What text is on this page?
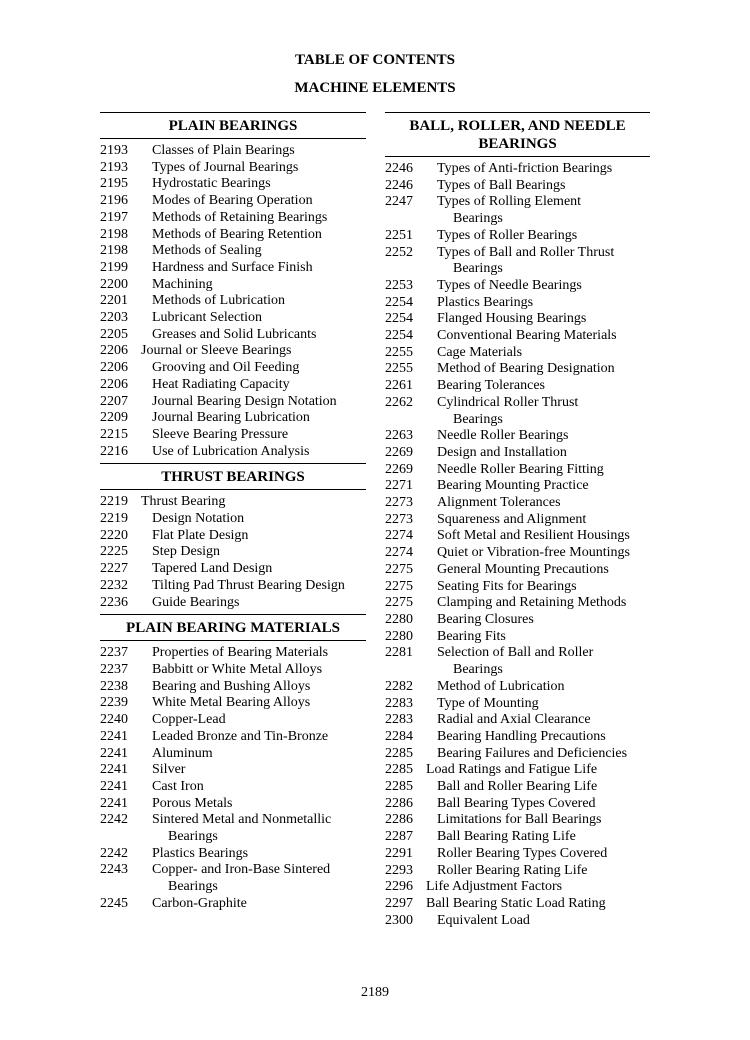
TABLE OF CONTENTS
MACHINE ELEMENTS
PLAIN BEARINGS
2193	Classes of Plain Bearings
2193	Types of Journal Bearings
2195	Hydrostatic Bearings
2196	Modes of Bearing Operation
2197	Methods of Retaining Bearings
2198	Methods of Bearing Retention
2198	Methods of Sealing
2199	Hardness and Surface Finish
2200	Machining
2201	Methods of Lubrication
2203	Lubricant Selection
2205	Greases and Solid Lubricants
2206 Journal or Sleeve Bearings
2206	Grooving and Oil Feeding
2206	Heat Radiating Capacity
2207	Journal Bearing Design Notation
2209	Journal Bearing Lubrication
2215	Sleeve Bearing Pressure
2216	Use of Lubrication Analysis
THRUST BEARINGS
2219 Thrust Bearing
2219	Design Notation
2220	Flat Plate Design
2225	Step Design
2227	Tapered Land Design
2232	Tilting Pad Thrust Bearing Design
2236	Guide Bearings
PLAIN BEARING MATERIALS
2237	Properties of Bearing Materials
2237	Babbitt or White Metal Alloys
2238	Bearing and Bushing Alloys
2239	White Metal Bearing Alloys
2240	Copper-Lead
2241	Leaded Bronze and Tin-Bronze
2241	Aluminum
2241	Silver
2241	Cast Iron
2241	Porous Metals
2242	Sintered Metal and Nonmetallic
Bearings
2242	Plastics Bearings
2243	Copper- and Iron-Base Sintered
Bearings
2245	Carbon-Graphite
BALL, ROLLER, AND NEEDLE
BEARINGS
2246	Types of Anti-friction Bearings
2246	Types of Ball Bearings
2247	Types of Rolling Element
Bearings
2251	Types of Roller Bearings
2252	Types of Ball and Roller Thrust
Bearings
2253	Types of Needle Bearings
2254	Plastics Bearings
2254	Flanged Housing Bearings
2254	Conventional Bearing Materials
2255	Cage Materials
2255	Method of Bearing Designation
2261	Bearing Tolerances
2262	Cylindrical Roller Thrust
Bearings
2263	Needle Roller Bearings
2269	Design and Installation
2269	Needle Roller Bearing Fitting
2271	Bearing Mounting Practice
2273	Alignment Tolerances
2273	Squareness and Alignment
2274	Soft Metal and Resilient Housings
2274	Quiet or Vibration-free Mountings
2275	General Mounting Precautions
2275	Seating Fits for Bearings
2275	Clamping and Retaining Methods
2280	Bearing Closures
2280	Bearing Fits
2281	Selection of Ball and Roller
Bearings
2282	Method of Lubrication
2283	Type of Mounting
2283	Radial and Axial Clearance
2284	Bearing Handling Precautions
2285	Bearing Failures and Deficiencies
2285 Load Ratings and Fatigue Life
2285	Ball and Roller Bearing Life
2286	Ball Bearing Types Covered
2286	Limitations for Ball Bearings
2287	Ball Bearing Rating Life
2291	Roller Bearing Types Covered
2293	Roller Bearing Rating Life
2296 Life Adjustment Factors
2297 Ball Bearing Static Load Rating
2300	Equivalent Load
2189
